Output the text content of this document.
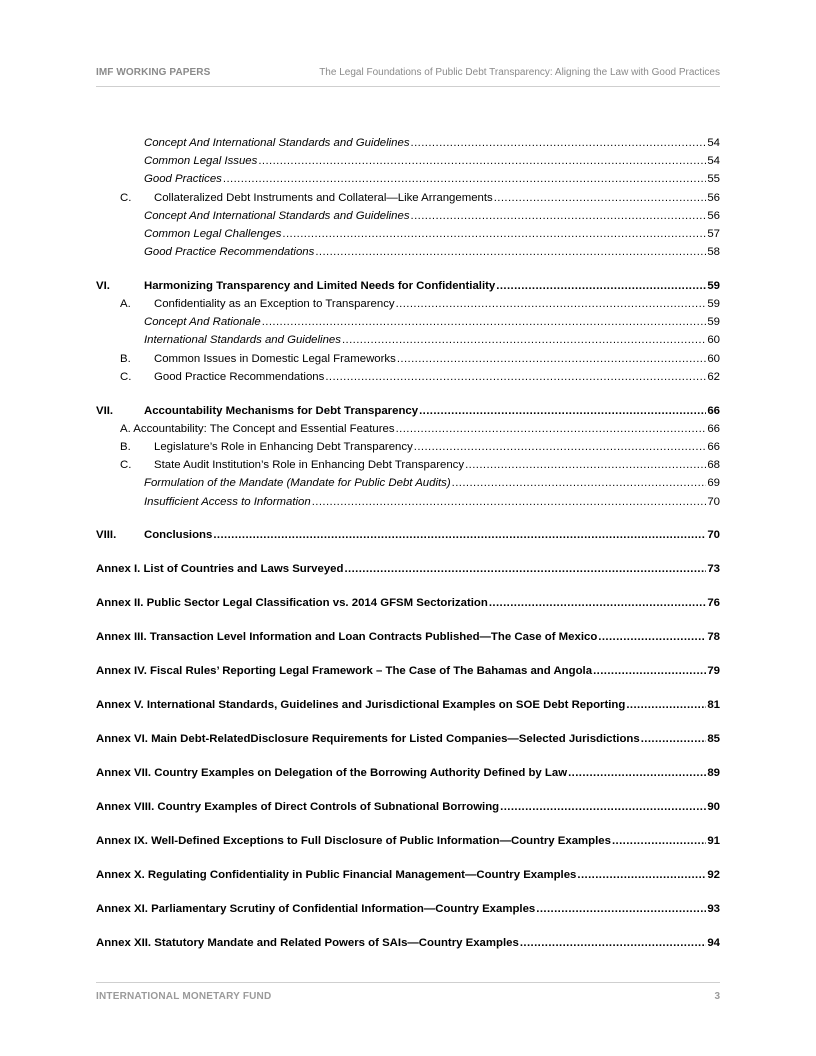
IMF WORKING PAPERS	The Legal Foundations of Public Debt Transparency: Aligning the Law with Good Practices
Concept And International Standards and Guidelines .....	54
Common Legal Issues .....	54
Good Practices .....	55
C.	Collateralized Debt Instruments and Collateral—Like Arrangements .....	56
Concept And International Standards and Guidelines .....	56
Common Legal Challenges .....	57
Good Practice Recommendations .....	58
VI.	Harmonizing Transparency and Limited Needs for Confidentiality .....	59
A.	Confidentiality as an Exception to Transparency .....	59
Concept And Rationale .....	59
International Standards and Guidelines .....	60
B.	Common Issues in Domestic Legal Frameworks .....	60
C.	Good Practice Recommendations .....	62
VII.	Accountability Mechanisms for Debt Transparency .....	66
A. Accountability: The Concept and Essential Features .....	66
B.	Legislature’s Role in Enhancing Debt Transparency .....	66
C.	State Audit Institution’s Role in Enhancing Debt Transparency .....	68
Formulation of the Mandate (Mandate for Public Debt Audits) .....	69
Insufficient Access to Information .....	70
VIII.	Conclusions .....	70
Annex I. List of Countries and Laws Surveyed .....	73
Annex II. Public Sector Legal Classification vs. 2014 GFSM Sectorization .....	76
Annex III. Transaction Level Information and Loan Contracts Published—The Case of Mexico .....	78
Annex IV. Fiscal Rules’ Reporting Legal Framework – The Case of The Bahamas and Angola .....	79
Annex V. International Standards, Guidelines and Jurisdictional Examples on SOE Debt Reporting .....	81
Annex VI. Main Debt-RelatedDisclosure Requirements for Listed Companies—Selected Jurisdictions .....	85
Annex VII. Country Examples on Delegation of the Borrowing Authority Defined by Law .....	89
Annex VIII. Country Examples of Direct Controls of Subnational Borrowing .....	90
Annex IX. Well-Defined Exceptions to Full Disclosure of Public Information—Country Examples .....	91
Annex X. Regulating Confidentiality in Public Financial Management—Country Examples .....	92
Annex XI. Parliamentary Scrutiny of Confidential Information—Country Examples .....	93
Annex XII. Statutory Mandate and Related Powers of SAIs—Country Examples .....	94
INTERNATIONAL MONETARY FUND	3
